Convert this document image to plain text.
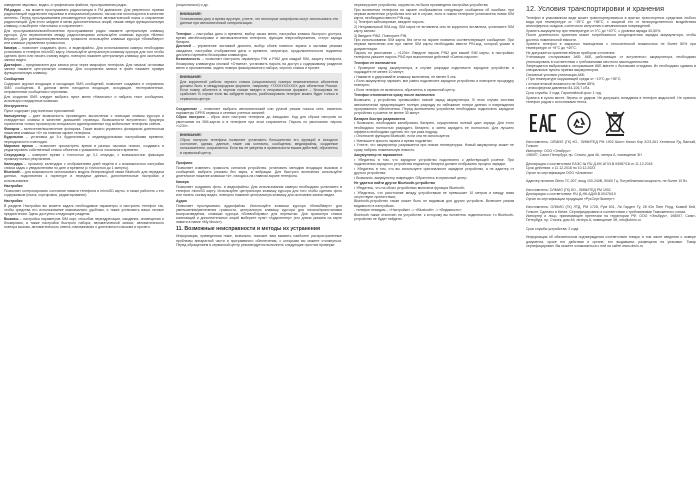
изведение звуковых, видео- и графических файлов, прослушивания радио.
FM-радио – вы можете прослушивать радиостанции в FM диапазоне. Для уверенного приема радиостанций подключите наушники в специальный разъем, так как они используются в качестве антенны. Перед прослушиванием рекомендуется провести автоматический поиск и сохранение радиостанций. Для этого зайдите в меню дополнительных опций, нажав левую функциональную клавишу, и выберите «Автопоиск и сохранение».
Для прослушивания/возобновления прослушивания радио нажмите центральную клавишу курсора. Для переключения между радиостанциями используйте клавиши курсора «Влево/Вправо». Для уменьшения/увеличения громкости используйте клавиши курсора «Вниз/Вверх» или клавиши управления громкостью.
Камера – позволяет создавать фото- и видеофайлы. Для использования камеры необходимо установить в телефон microSD карту. Используйте центральную клавишу курсора для того чтобы сделать фото или начать съемку видео, повторно нажмите центральную клавишу для окончания записи видео.
Диктофон – предназначен для записи речи через микрофон телефона. Для начала/ остановки записи нажмите центральную клавишу. Для сохранения записи в файл нажмите правую функциональную клавишу.
Сообщения
Содержит журнал входящих и исходящих SMS сообщений, позволяет создавать и отправлять SMS сообщения. В данном меню находятся входящие, исходящие, неотправленные, отправленные сообщения и черновики.
Для создания SMS следует выбрать пункт меню «Написать» и набрать текст сообщения, используя стандартные клавиши.
Инструменты
Пункт содержит ряд полезных приложений:
Калькулятор – дает возможность производить вычисления с помощью клавиш курсора и стандартных клавиш в качестве домашней страницы. Возможности встроенного браузера ограничены только просмотром специально адаптированных под мобильные телефоны сайтов.
Фонарик – включение/выключение фонарика. Также можно управлять фонариком длительным нажатием клавиши «0» на главном экране телефона.
Будильник – установка до 5-х будильников с индивидуальными настройками времени, периодичности и мелодии.
Мировое время – позволяет просмотреть время в разных часовых поясах, создавать и редактировать собственный список объектов с указанием их локального времени.
Секундомер – измеряет время с точностью до 0,1 секунды, с возможностью фиксации промежуточных результатов.
Календарь – просмотр календаря с отображением дней недели и с возможностью настройки списка задач с уведомлением по дате и времени (с точностью до 1 минуты).
Bluetooth – для возможности использовать модуль беспроводной связи Bluetooth для передачи данных, подключения к гарнитуре и передачи данных, дополнительные настройки и использование.
Настройки
Позволяет контролировать состояние памяти телефона и microSD карты, а также работать с его содержимым (поиск, сортировка, редактирование).
Настройки
В разделе Настройки вы можете задать необходимые параметры и настроить телефон так, чтобы средства его использование максимально удобным, а также установить ваши личные предпочтения. Здесь доступны следующие разделы:
Вызовы – настройка параметров SIM карт, способов переадресации, ожидания, оповещения и блокировки, а также настройки быстрого набора, автоматической записи, автоматического повтора вызова, автоматического ответа, напоминания о длительности вызова и прочего.
(опционально) и др.
ВНИМАНИЕ!
Устанавливая дату и время вручную, учтите, что некоторые смартфоны могут использовать эти данные при автоматической синхронизации.
Телефон – настройка даты и времени, выбор языка меню, настройка клавиш быстрого доступа, время автоблокировки и автовыключения телефона, функции энергосбережения, статус заряда батареи.
Дисплей – управление заставкой дисплея, выбор обоев главного экрана и заставки режима ожидания, настройки отображения даты и времени, оператора, продолжительности подсветки дисплея и времени блокировки клавиатуры.
Безопасность – позволяет настроить параметры PIN и PIN2 для каждой SIM, защиту телефона, блокировку клавиатуры кнопкой «Отмена», установить пароль на доступ к содержимому разделов меню и приложениям, задать номера фиксированного набора, черного списка и прочее.
ВНИМАНИЕ!
Для корректной работы черного списка (опционально) номера нежелательных абонентов должны быть в международном формате, например +7XXXXXXXXXX для абонентов России. Если номер абонента в черном списке введен в неправильном формате – блокировка не сработает. В случае если вы забудете пароль, разблокировать телефон можно будет только в сервисном центре.
Соединение – позволяет выбрать автоматический или ручной режим поиска сети, изменить параметры GPRS сервиса и сетевых учетных записей.
Сброс настроек – сброс всех настроек телефона до заводских. Код для сброса настроек по умолчанию на SIM-картах и в телефоне при этом сохраняется. Пароль по умолчанию: пароль «1234».
ВНИМАНИЕ!
Сброс настроек телефона позволяет установить большинство его функций в исходное состояние, однако, данные, такие как контакты, сообщения, медиафайлы, созданные пользователем, сохраняются. Если вы не уверены в правильности ваших действий, обратитесь в сервисный центр.
Профили
Позволяет изменить громкость сигналов устройства, установить мелодию входящих вызовов и сообщений, выбрать режимы без звука, и вибрации. Для быстрого включения используйте длительное нажатие клавиши «#», находясь на главном экране телефона.
Камера
Позволяет создавать фото- и видеофайлы. Для использования камеры необходимо установить в телефон microSD карту. Используйте центральную клавишу курсора для того чтобы сделать фото или начать съемку видео, повторно нажмите центральную клавишу для окончания записи видео.
Аудио
Позволяет прослушивать аудиофайлы. Используйте клавиши курсора «Вниз/Вверх» для уменьшения/увеличения громкости, центральную клавишу курсора для начала/приостановки воспроизведения, клавиши курсора «Влево/Вправо» для перемотки. Для просмотра списка композиций и дополнительных опций выберите пункт «Аудиоплеер» (его длина указана на карте памяти в папке «My Music»).
11. Возможные неисправности и методы их устранения
Информация, приведенная ниже, возможно, поможет вам выявить наиболее распространенные проблемы аппаратной части и программного обеспечения, с которыми вы можете столкнуться. Перед обращением в сервисный центр рекомендуется выполнить следующие простые проверки:
перезагрузите устройство; корректно ли была произведена настройка устройства.
При включении телефона на экране отображаются следующие сообщения об ошибках: при первом включении устройства или же в случае, если в новом телефоне установлена новая SIM карта, необходимо ввести PIN-код.
1) Телефон заблокирован, введите пароль.
2) Неправильный SIM-код. SIM карта не вставлена или не корректно вставлена, установите SIM карту заново.
3) Введите PIN2. Повторите PIN.
При использовании SIM карты без сети на экране появится соответствующее сообщение. При первом включении или при смене SIM карты необходимо ввести PIN-код, который указан в документации.
Пароль по умолчанию – «1234». Введите пароль PIN2 для вашей SIM карты, в настройках телефона укажите пароль PIN2 при выполнении действий «Смены пароля».
Телефон не включается
• Проверьте заряд аккумулятора, в случае разрядки подключите зарядное устройство и подождите не менее 10 минут;
• Нажмите и удерживайте клавишу включения, не менее 5 сек.
• Если аккумулятор заряжен, все равно подключите зарядное устройство и повторите процедуру повторно;
• Если телефон не включился, обратитесь в сервисный центр.
Телефон отключается сразу после включения
Возможно, у устройства чрезвычайно низкий заряд аккумулятора. В этом случае система автоматически предотвращает полную разрядку во избежание потери данных и повреждения программного обеспечения. Перед включением устройства необходимо подключить зарядное устройство к розетке не менее 30 минут.
Батарея быстро разряжается
• Возможно, необходимо калибровать батарею, осуществляя полный цикл заряда. Для этого необходимо полностью разрядить батарею, а затем зарядить ее полностью. Для лучшего эффекта необходимо сделать это три раза подряд;
• Отключите функцию Bluetooth, если она не используется;
• Уменьшите яркость экрана и время подсветки;
• Учтите, что аккумулятор разряжается при низких температурах. Новый аккумулятор может не сразу набрать номинальную емкость.
Аккумулятор не заряжается
• Убедитесь в том, что зарядное устройство подключено к действующей розетке. При подключении зарядного устройства индикатор батареи должен отображать процесс зарядки;
• Убедитесь в том, что вы используете оригинальное зарядное устройство, а не адаптер от другого устройства;
• Возможно, аккумулятор поврежден. Обратитесь в сервисный центр.
Не удается найти другое Bluetooth-устройство
• Убедитесь, что на обоих устройствах включена функция Bluetooth;
• Убедитесь, что расстояние между устройствами не превышает 10 метров и между ними отсутствуют препятствия;
Bluetooth-устройство также может быть не видимым для других устройств. Включите режим видимости в настройках.
- телефон невидим – «Настройки» -> «Bluetooth» -> «Видимость»;
Bluetooth также отключен на устройстве, к которому вы пытаетесь подключиться, то Bluetooth-устройство не будет найдено.
12. Условия транспортировки и хранения
Телефон в упакованном виде может транспортироваться в крытых транспортных средствах любого вида при температуре от −25°С до +55°С, с защитой его от непосредственного воздействия атмосферных осадков, солнечного излучения и механических повреждений.
Хранить аккумулятор при температуре от 0°С до +40°С, с уровнем заряда 40-50%.
После длительного хранения может потребоваться неоднократная зарядка аккумулятора, чтобы достичь номинальной емкости.
Хранить телефон в закрытых помещениях с относительной влажностью не более 80% при температуре от +5°С до +40°С.
Не допускается хранение вблизи приборов отопления.
Утилизация отслуживших АКБ: АКБ, работающие от встроенного аккумулятора, необходимо утилизировать в соответствии с требованиями местного законодательства.
Запрещается выбрасывать отслужившие АКБ вместе с бытовыми отходами. Их необходимо сдавать в специальные пункты приема аккумуляторов.
Основные условия утилизации АКБ:
• При температуре окружающей среды от −10°С до +35°С;
• относительной влажности не более 85%;
• атмосферном давлении 84-106,7 кПа.
Срок службы: 2 года. Гарантийный срок: 1 год.
Хранить в сухом месте, беречь от ударов. Не допускать попадания в телефон жидкостей. Не хранить телефон рядом с источниками тепла.
Изготовитель: ОЛМИО (ГК) КО., ЛИМИТЕД РМ 1902 Шилл Кэпил Кэр 2/23-261 Хеннесси Рд, Ванчай, Гонконг
Импортер: ООО «Эльбрус»
198097, Санкт-Петербург, пр. Стачек, дом 46, литера А, помещение 3Н
Декларация о соответствии ЕАЭС № RU Д-HK.АГ03.В.94987/18 от 11.12.2018
Срок действия: с 11.12.2018 по 10.12.2023
Орган по сертификации ООО «Альвена»
Адаптер питания Olmio ТС-007, вход 100-240В, 50/60 Гц. Потребляемая мощность: не более 10 Вт.
Изготовитель: ОЛМИО (ГК) КО., ЛИМИТЕД РМ 1902
Декларация о соответствии: RU Д-НК.АД49.В.00476/19
Орган по сертификации продукции «РусСертЭксперт»
Изготовитель: ОЛМИО (ГК) ЛТД, РМ 1728, Рум 501, Ли Гарден Ту, 28 Юн Пинг Роуд, Козвей Бей, Гонконг. Сделано в Китае. Сертифицировано в соответствии с требованиями Таможенного союза.
Импортер и лицо, принимающее претензии на территории РФ: ООО «Эльбрус», 198097, Санкт-Петербург, пр. Стачек, дом 46, литера А, помещение 3Н, info@olmio.ru
Срок службы устройства: 2 года
Информация об обязательном подтверждении соответствия товара, в том числе сведения о номере документа, сроке его действия и органе, его выдавшем, размещена на упаковке. Товар сертифицирован. Вы можете ознакомиться с ней на сайте www.olmio.ru
